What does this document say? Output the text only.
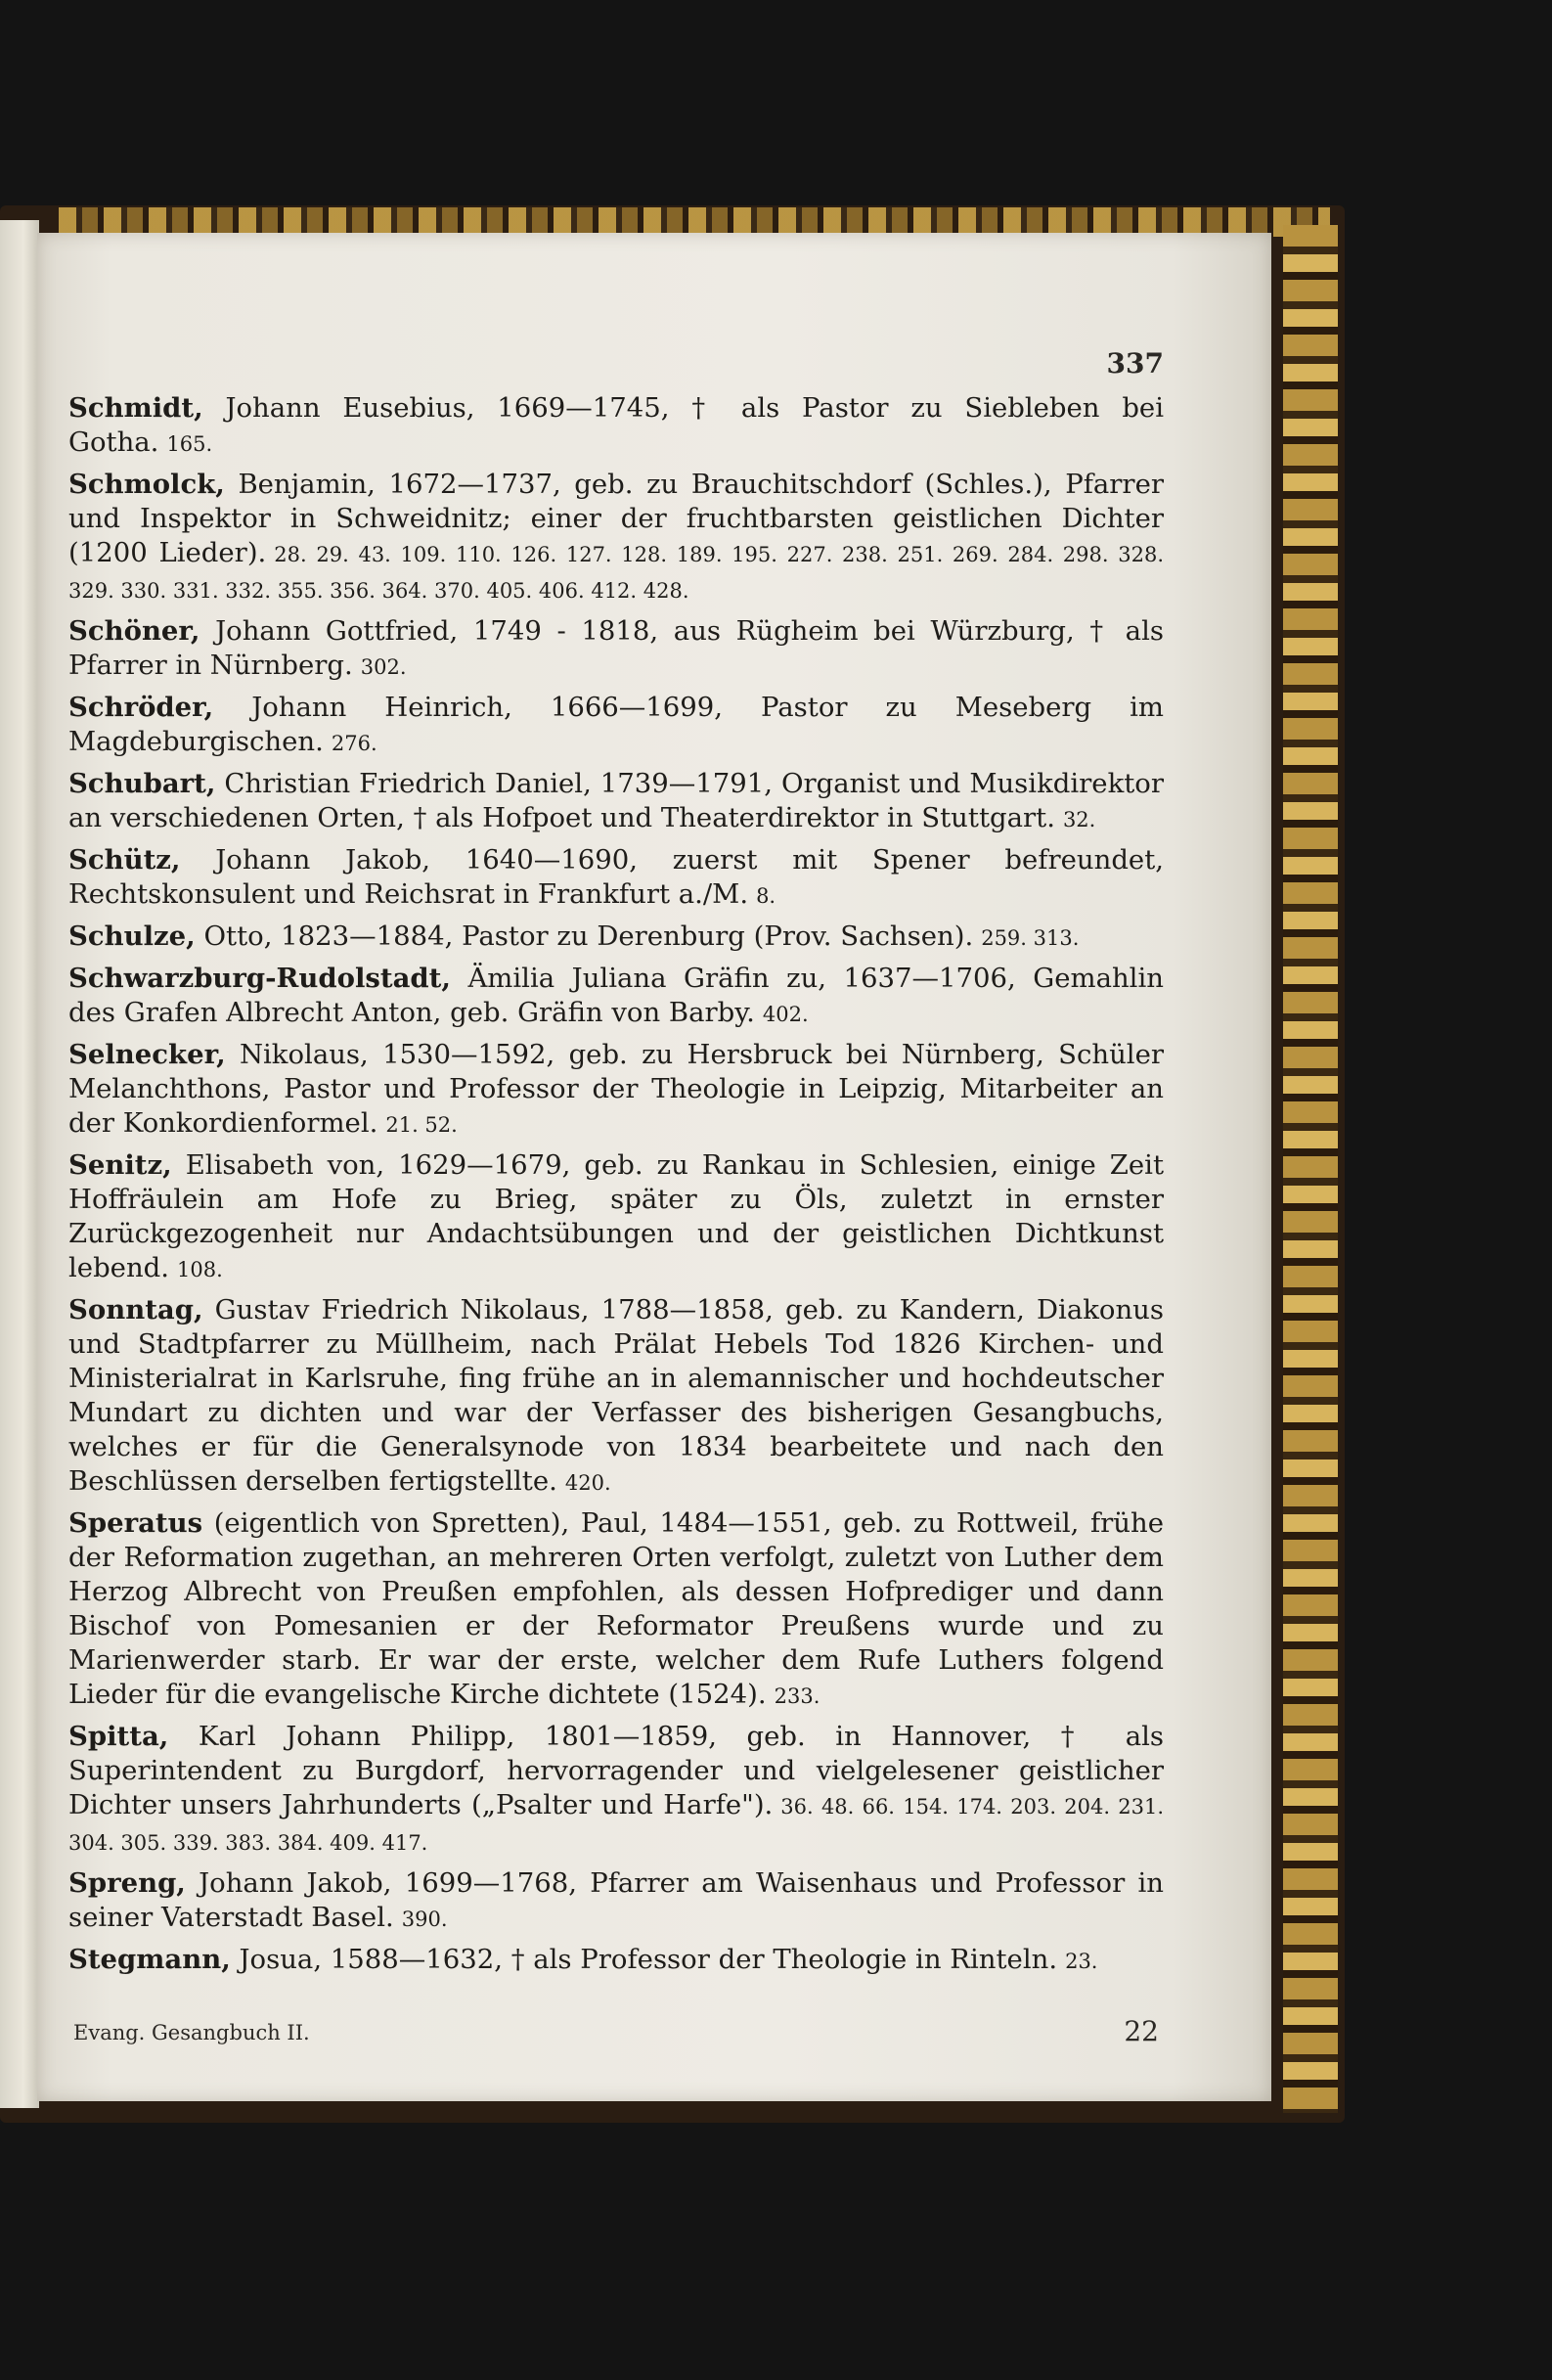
337
Schmidt, Johann Eusebius, 1669—1745, † als Pastor zu Siebleben bei Gotha. 165.
Schmolck, Benjamin, 1672—1737, geb. zu Brauchitschdorf (Schles.), Pfarrer und Inspektor in Schweidnitz; einer der fruchtbarsten geistlichen Dichter (1200 Lieder). 28. 29. 43. 109. 110. 126. 127. 128. 189. 195. 227. 238. 251. 269. 284. 298. 328. 329. 330. 331. 332. 355. 356. 364. 370. 405. 406. 412. 428.
Schöner, Johann Gottfried, 1749 - 1818, aus Rügheim bei Würzburg, † als Pfarrer in Nürnberg. 302.
Schröder, Johann Heinrich, 1666—1699, Pastor zu Meseberg im Magdeburgischen. 276.
Schubart, Christian Friedrich Daniel, 1739—1791, Organist und Musikdirektor an verschiedenen Orten, † als Hofpoet und Theaterdirektor in Stuttgart. 32.
Schütz, Johann Jakob, 1640—1690, zuerst mit Spener befreundet, Rechtskonsulent und Reichsrat in Frankfurt a./M. 8.
Schulze, Otto, 1823—1884, Pastor zu Derenburg (Prov. Sachsen). 259. 313.
Schwarzburg-Rudolstadt, Ämilia Juliana Gräfin zu, 1637—1706, Gemahlin des Grafen Albrecht Anton, geb. Gräfin von Barby. 402.
Selnecker, Nikolaus, 1530—1592, geb. zu Hersbruck bei Nürnberg, Schüler Melanchthons, Pastor und Professor der Theologie in Leipzig, Mitarbeiter an der Konkordienformel. 21. 52.
Senitz, Elisabeth von, 1629—1679, geb. zu Rankau in Schlesien, einige Zeit Hoffräulein am Hofe zu Brieg, später zu Öls, zuletzt in ernster Zurückgezogenheit nur Andachtsübungen und der geistlichen Dichtkunst lebend. 108.
Sonntag, Gustav Friedrich Nikolaus, 1788—1858, geb. zu Kandern, Diakonus und Stadtpfarrer zu Müllheim, nach Prälat Hebels Tod 1826 Kirchen- und Ministerialrat in Karlsruhe, fing frühe an in alemannischer und hochdeutscher Mundart zu dichten und war der Verfasser des bisherigen Gesangbuchs, welches er für die Generalsynode von 1834 bearbeitete und nach den Beschlüssen derselben fertigstellte. 420.
Speratus (eigentlich von Spretten), Paul, 1484—1551, geb. zu Rottweil, frühe der Reformation zugethan, an mehreren Orten verfolgt, zuletzt von Luther dem Herzog Albrecht von Preußen empfohlen, als dessen Hofprediger und dann Bischof von Pomesanien er der Reformator Preußens wurde und zu Marienwerder starb. Er war der erste, welcher dem Rufe Luthers folgend Lieder für die evangelische Kirche dichtete (1524). 233.
Spitta, Karl Johann Philipp, 1801—1859, geb. in Hannover, † als Superintendent zu Burgdorf, hervorragender und vielgelesener geistlicher Dichter unsers Jahrhunderts („Psalter und Harfe"). 36. 48. 66. 154. 174. 203. 204. 231. 304. 305. 339. 383. 384. 409. 417.
Spreng, Johann Jakob, 1699—1768, Pfarrer am Waisenhaus und Professor in seiner Vaterstadt Basel. 390.
Stegmann, Josua, 1588—1632, † als Professor der Theologie in Rinteln. 23.
Evang. Gesangbuch II.	22
